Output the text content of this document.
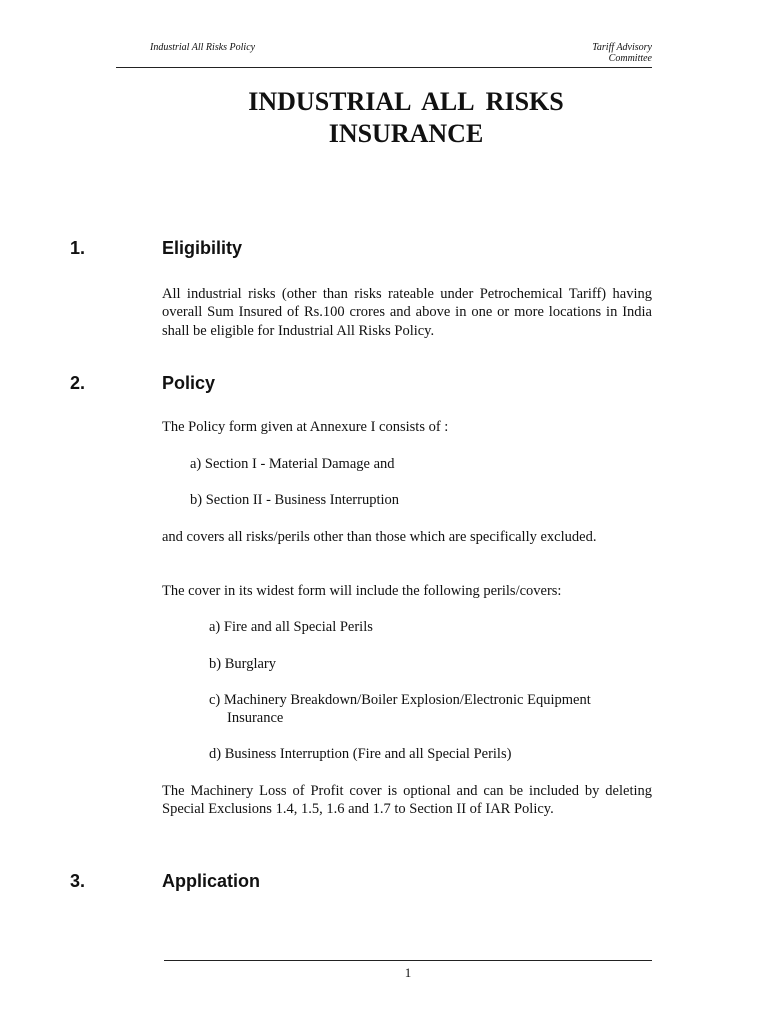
Industrial All Risks Policy	Tariff Advisory
Committee
INDUSTRIAL ALL RISKS
INSURANCE
1.	Eligibility
All industrial risks (other than risks rateable under Petrochemical Tariff) having overall Sum Insured of Rs.100 crores and above in one or more locations in India shall be eligible for Industrial All Risks Policy.
2.	Policy
The Policy form given at Annexure I consists of :
a) Section I - Material Damage and
b) Section II - Business Interruption
and covers all risks/perils other than those which are specifically excluded.
The cover in its widest form will include the following perils/covers:
a) Fire and all Special Perils
b) Burglary
c) Machinery Breakdown/Boiler Explosion/Electronic Equipment
Insurance
d) Business Interruption (Fire and all Special Perils)
The Machinery Loss of Profit cover is optional and can be included by deleting Special Exclusions 1.4, 1.5, 1.6 and 1.7 to Section II of IAR Policy.
3.	Application
1
